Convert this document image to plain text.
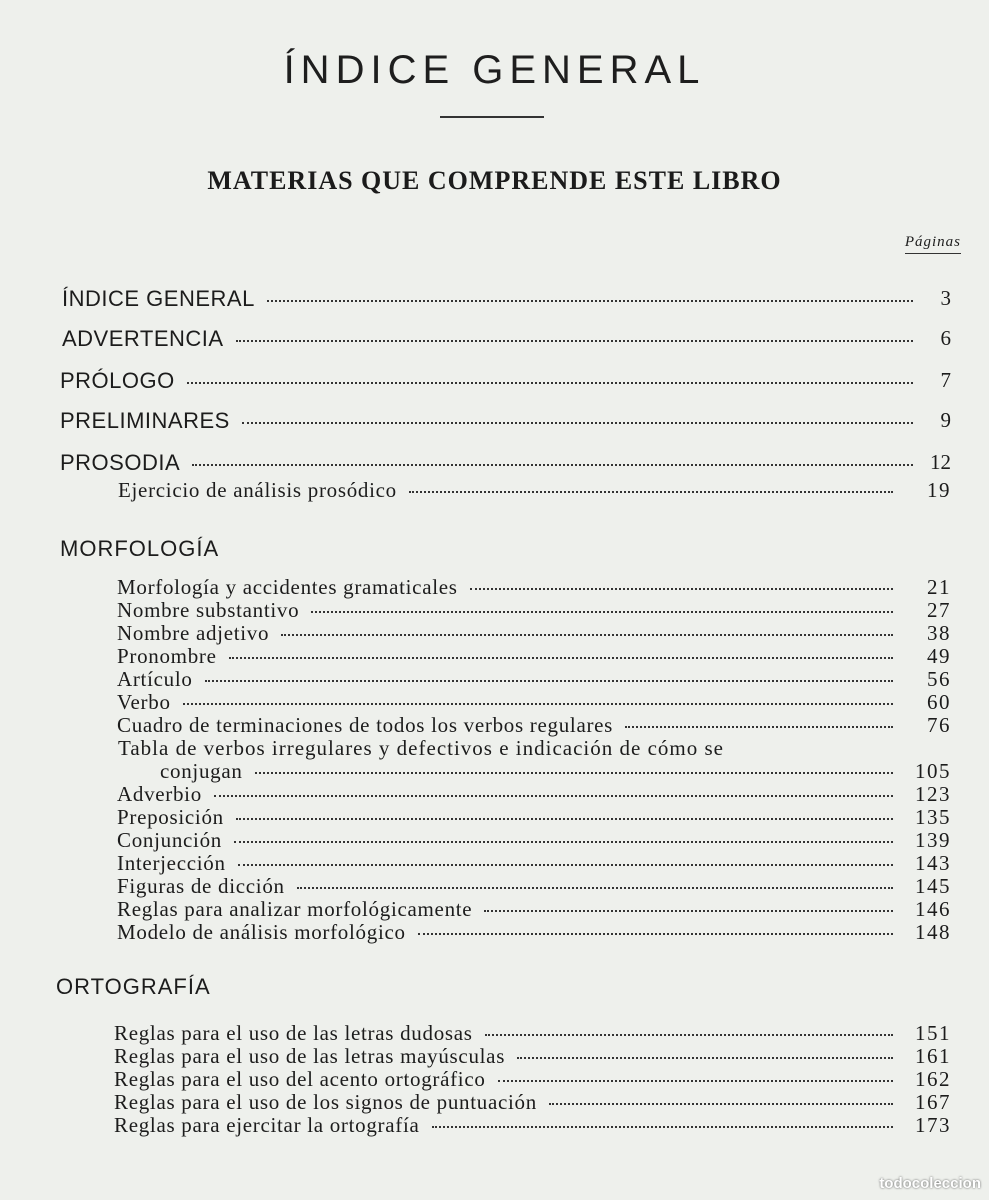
ÍNDICE GENERAL
MATERIAS QUE COMPRENDE ESTE LIBRO
Páginas
ÍNDICE GENERAL	3
ADVERTENCIA	6
PRÓLOGO	7
PRELIMINARES	9
PROSODIA	12
Ejercicio de análisis prosódico	19
MORFOLOGÍA
Morfología y accidentes gramaticales	21
Nombre substantivo	27
Nombre adjetivo	38
Pronombre	49
Artículo	56
Verbo	60
Cuadro de terminaciones de todos los verbos regulares	76
Tabla de verbos irregulares y defectivos e indicación de cómo se
conjugan	105
Adverbio	123
Preposición	135
Conjunción	139
Interjección	143
Figuras de dicción	145
Reglas para analizar morfológicamente	146
Modelo de análisis morfológico	148
ORTOGRAFÍA
Reglas para el uso de las letras dudosas	151
Reglas para el uso de las letras mayúsculas	161
Reglas para el uso del acento ortográfico	162
Reglas para el uso de los signos de puntuación	167
Reglas para ejercitar la ortografía	173
todocoleccion
